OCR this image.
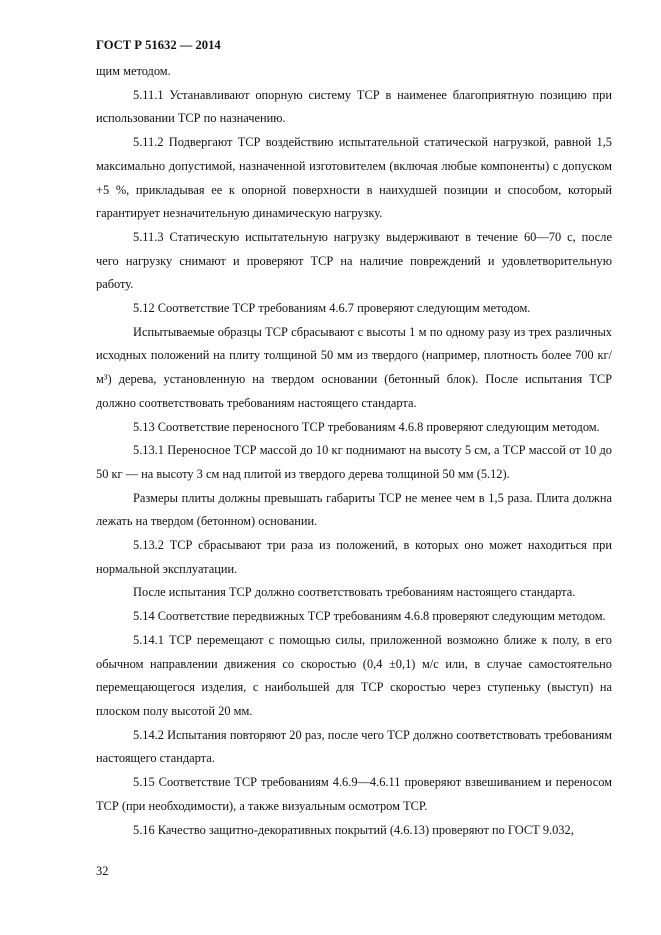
ГОСТ Р 51632 — 2014

щим методом.

5.11.1 Устанавливают опорную систему ТСР в наименее благоприятную позицию при использовании ТСР по назначению.

5.11.2 Подвергают ТСР воздействию испытательной статической нагрузкой, равной 1,5 максимально допустимой, назначенной изготовителем (включая любые компоненты) с допуском +5 %, прикладывая ее к опорной поверхности в наихудшей позиции и способом, который гарантирует незначительную динамическую нагрузку.

5.11.3 Статическую испытательную нагрузку выдерживают в течение 60—70 с, после чего нагрузку снимают и проверяют ТСР на наличие повреждений и удовлетворительную работу.

5.12 Соответствие ТСР требованиям 4.6.7 проверяют следующим методом.

Испытываемые образцы ТСР сбрасывают с высоты 1 м по одному разу из трех различных исходных положений на плиту толщиной 50 мм из твердого (например, плотность более 700 кг/м³) дерева, установленную на твердом основании (бетонный блок). После испытания ТСР должно соответствовать требованиям настоящего стандарта.

5.13 Соответствие переносного ТСР требованиям 4.6.8 проверяют следующим методом.

5.13.1 Переносное ТСР массой до 10 кг поднимают на высоту 5 см, а ТСР массой от 10 до 50 кг — на высоту 3 см над плитой из твердого дерева толщиной 50 мм (5.12).

Размеры плиты должны превышать габариты ТСР не менее чем в 1,5 раза. Плита должна лежать на твердом (бетонном) основании.

5.13.2 ТСР сбрасывают три раза из положений, в которых оно может находиться при нормальной эксплуатации.

После испытания ТСР должно соответствовать требованиям настоящего стандарта.

5.14 Соответствие передвижных ТСР требованиям 4.6.8 проверяют следующим методом.

5.14.1 ТСР перемещают с помощью силы, приложенной возможно ближе к полу, в его обычном направлении движения со скоростью (0,4 ±0,1) м/с или, в случае самостоятельно перемещающегося изделия, с наибольшей для ТСР скоростью через ступеньку (выступ) на плоском полу высотой 20 мм.

5.14.2 Испытания повторяют 20 раз, после чего ТСР должно соответствовать требованиям настоящего стандарта.

5.15 Соответствие ТСР требованиям 4.6.9—4.6.11 проверяют взвешиванием и переносом ТСР (при необходимости), а также визуальным осмотром ТСР.

5.16 Качество защитно-декоративных покрытий (4.6.13) проверяют по ГОСТ 9.032,

32
